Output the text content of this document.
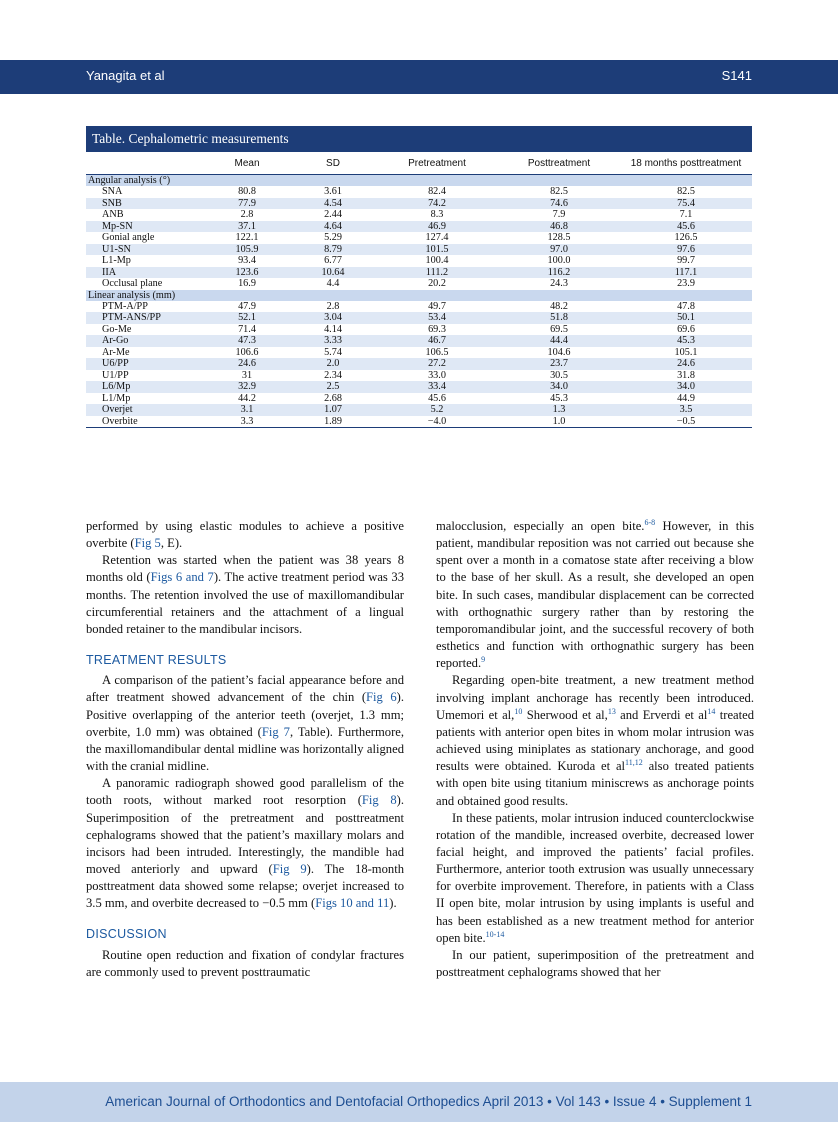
Yanagita et al	S141
Table. Cephalometric measurements
	Mean	SD	Pretreatment	Posttreatment	18 months posttreatment
Angular analysis (°)					
SNA	80.8	3.61	82.4	82.5	82.5
SNB	77.9	4.54	74.2	74.6	75.4
ANB	2.8	2.44	8.3	7.9	7.1
Mp-SN	37.1	4.64	46.9	46.8	45.6
Gonial angle	122.1	5.29	127.4	128.5	126.5
U1-SN	105.9	8.79	101.5	97.0	97.6
L1-Mp	93.4	6.77	100.4	100.0	99.7
IIA	123.6	10.64	111.2	116.2	117.1
Occlusal plane	16.9	4.4	20.2	24.3	23.9
Linear analysis (mm)					
PTM-A/PP	47.9	2.8	49.7	48.2	47.8
PTM-ANS/PP	52.1	3.04	53.4	51.8	50.1
Go-Me	71.4	4.14	69.3	69.5	69.6
Ar-Go	47.3	3.33	46.7	44.4	45.3
Ar-Me	106.6	5.74	106.5	104.6	105.1
U6/PP	24.6	2.0	27.2	23.7	24.6
U1/PP	31	2.34	33.0	30.5	31.8
L6/Mp	32.9	2.5	33.4	34.0	34.0
L1/Mp	44.2	2.68	45.6	45.3	44.9
Overjet	3.1	1.07	5.2	1.3	3.5
Overbite	3.3	1.89	−4.0	1.0	−0.5

performed by using elastic modules to achieve a positive overbite (Fig 5, E).

Retention was started when the patient was 38 years 8 months old (Figs 6 and 7). The active treatment period was 33 months. The retention involved the use of maxillomandibular circumferential retainers and the attachment of a lingual bonded retainer to the mandibular incisors.

TREATMENT RESULTS

A comparison of the patient’s facial appearance before and after treatment showed advancement of the chin (Fig 6). Positive overlapping of the anterior teeth (overjet, 1.3 mm; overbite, 1.0 mm) was obtained (Fig 7, Table). Furthermore, the maxillomandibular dental midline was horizontally aligned with the cranial midline.

A panoramic radiograph showed good parallelism of the tooth roots, without marked root resorption (Fig 8). Superimposition of the pretreatment and posttreatment cephalograms showed that the patient’s maxillary molars and incisors had been intruded. Interestingly, the mandible had moved anteriorly and upward (Fig 9). The 18-month posttreatment data showed some relapse; overjet increased to 3.5 mm, and overbite decreased to −0.5 mm (Figs 10 and 11).

DISCUSSION

Routine open reduction and fixation of condylar fractures are commonly used to prevent posttraumatic

malocclusion, especially an open bite.$^{6-8}$ However, in this patient, mandibular reposition was not carried out because she spent over a month in a comatose state after receiving a blow to the base of her skull. As a result, she developed an open bite. In such cases, mandibular displacement can be corrected with orthognathic surgery rather than by restoring the temporomandibular joint, and the successful recovery of both esthetics and function with orthognathic surgery has been reported.$^9$

Regarding open-bite treatment, a new treatment method involving implant anchorage has recently been introduced. Umemori et al,$^{10}$ Sherwood et al,$^{13}$ and Erverdi et $al^{14}$ treated patients with anterior open bites in whom molar intrusion was achieved using miniplates as stationary anchorage, and good results were obtained. Kuroda et al$^{11,12}$ also treated patients with open bite using titanium miniscrews as anchorage points and obtained good results.

In these patients, molar intrusion induced counterclockwise rotation of the mandible, increased overbite, decreased lower facial height, and improved the patients’ facial profiles. Furthermore, anterior tooth extrusion was usually unnecessary for overbite improvement. Therefore, in patients with a Class II open bite, molar intrusion by using implants is useful and has been established as a new treatment method for anterior open bite.$^{10-14}$

In our patient, superimposition of the pretreatment and posttreatment cephalograms showed that her

American Journal of Orthodontics and Dentofacial Orthopedics April 2013 • Vol 143 • Issue 4 • Supplement 1
